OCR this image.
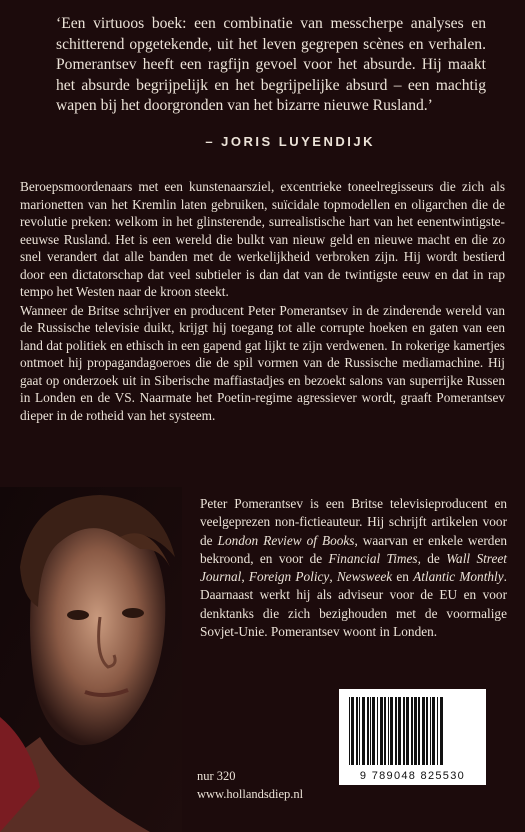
‘Een virtuoos boek: een combinatie van messcherpe analyses en schitterend opgetekende, uit het leven gegrepen scènes en verhalen. Pomerantsev heeft een ragfijn gevoel voor het absurde. Hij maakt het absurde begrijpelijk en het begrijpelijke absurd – een machtig wapen bij het doorgronden van het bizarre nieuwe Rusland.’
– JORIS LUYENDIJK

Beroepsmoordenaars met een kunstenaarsziel, excentrieke toneelregisseurs die zich als marionetten van het Kremlin laten gebruiken, suïcidale topmodellen en oligarchen die de revolutie preken: welkom in het glinsterende, surrealistische hart van het eenentwintigste-eeuwse Rusland. Het is een wereld die bulkt van nieuw geld en nieuwe macht en die zo snel verandert dat alle banden met de werkelijkheid verbroken zijn. Hij wordt bestierd door een dictatorschap dat veel subtieler is dan dat van de twintigste eeuw en dat in rap tempo het Westen naar de kroon steekt.

Wanneer de Britse schrijver en producent Peter Pomerantsev in de zinderende wereld van de Russische televisie duikt, krijgt hij toegang tot alle corrupte hoeken en gaten van een land dat politiek en ethisch in een gapend gat lijkt te zijn verdwenen. In rokerige kamertjes ontmoet hij propagandagoeroes die de spil vormen van de Russische mediamachine. Hij gaat op onderzoek uit in Siberische maffiastadjes en bezoekt salons van superrijke Russen in Londen en de VS. Naarmate het Poetin-regime agressiever wordt, graaft Pomerantsev dieper in de rotheid van het systeem.

Peter Pomerantsev is een Britse televisieproducent en veelgeprezen non-fictieauteur. Hij schrijft artikelen voor de London Review of Books, waarvan er enkele werden bekroond, en voor de Financial Times, de Wall Street Journal, Foreign Policy, Newsweek en Atlantic Monthly. Daarnaast werkt hij als adviseur voor de EU en voor denktanks die zich bezighouden met de voormalige Sovjet-Unie. Pomerantsev woont in Londen.
9 789048 825530
nur 320
www.hollandsdiep.nl
